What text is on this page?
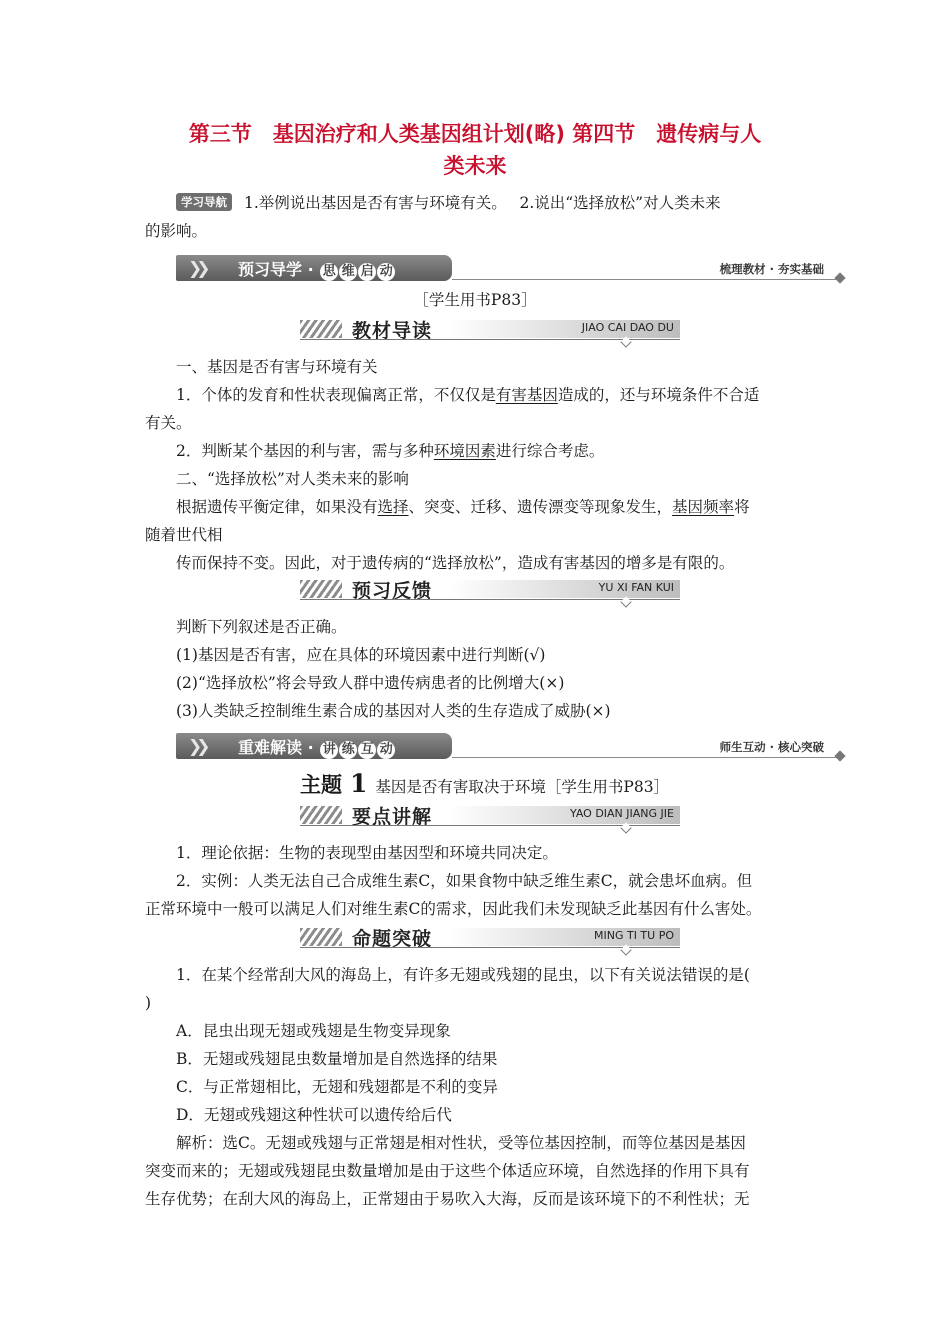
第三节　基因治疗和人类基因组计划(略) 第四节　遗传病与人
类未来

学习导航 1.举例说出基因是否有害与环境有关。　 2.说出“选择放松”对人类未来

的影响。

❯❯ 预习导学 · 思 维 启 动	梳理教材 · 夯实基础
［学生用书P83］
教材导读	JIAO CAI DAO DU

一、基因是否有害与环境有关

1．个体的发育和性状表现偏离正常，不仅仅是有害基因造成的，还与环境条件不合适

有关。

2．判断某个基因的利与害，需与多种环境因素进行综合考虑。

二、“选择放松”对人类未来的影响

根据遗传平衡定律，如果没有选择、突变、迁移、遗传漂变等现象发生，基因频率将

随着世代相

传而保持不变。因此，对于遗传病的“选择放松”，造成有害基因的增多是有限的。

预习反馈	YU XI FAN KUI

判断下列叙述是否正确。

(1)基因是否有害，应在具体的环境因素中进行判断(√)

(2)“选择放松”将会导致人群中遗传病患者的比例增大(×)

(3)人类缺乏控制维生素合成的基因对人类的生存造成了威胁(×)

❯❯ 重难解读 · 讲 练 互 动	师生互动 · 核心突破
主题 1 基因是否有害取决于环境［学生用书P83］
要点讲解	YAO DIAN JIANG JIE

1．理论依据：生物的表现型由基因型和环境共同决定。

2．实例：人类无法自己合成维生素C，如果食物中缺乏维生素C，就会患坏血病。但

正常环境中一般可以满足人们对维生素C的需求，因此我们未发现缺乏此基因有什么害处。

命题突破	MING TI TU PO

1．在某个经常刮大风的海岛上，有许多无翅或残翅的昆虫，以下有关说法错误的是(

)

A．昆虫出现无翅或残翅是生物变异现象

B．无翅或残翅昆虫数量增加是自然选择的结果

C．与正常翅相比，无翅和残翅都是不利的变异

D．无翅或残翅这种性状可以遗传给后代

解析：选C。无翅或残翅与正常翅是相对性状，受等位基因控制，而等位基因是基因

突变而来的；无翅或残翅昆虫数量增加是由于这些个体适应环境，自然选择的作用下具有

生存优势；在刮大风的海岛上，正常翅由于易吹入大海，反而是该环境下的不利性状；无
